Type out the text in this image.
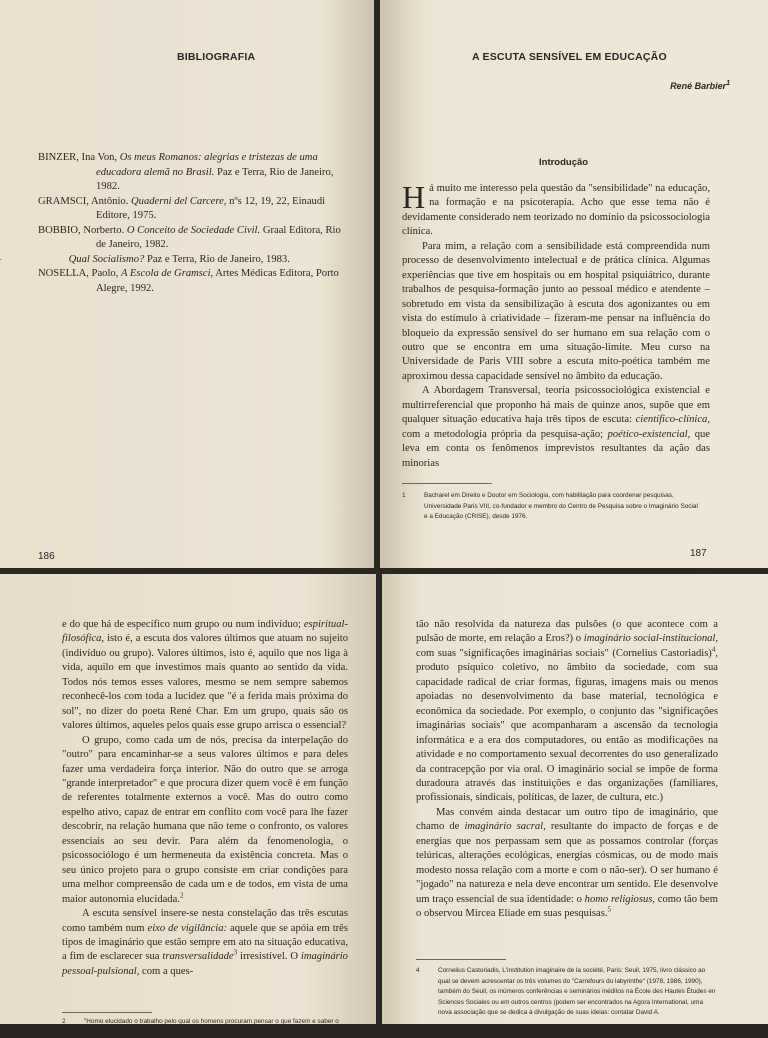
BIBLIOGRAFIA

BINZER, Ina Von, Os meus Romanos: alegrias e tristezas de uma educadora alemã no Brasil. Paz e Terra, Rio de Janeiro, 1982.

GRAMSCI, Antônio. Quaderni del Carcere, nºs 12, 19, 22, Einaudi Editore, 1975.

BOBBIO, Norberto. O Conceito de Sociedade Civil. Graal Editora, Rio de Janeiro, 1982.

Qual Socialismo? Paz e Terra, Rio de Janeiro, 1983.

NOSELLA, Paolo, A Escola de Gramsci, Artes Médicas Editora, Porto Alegre, 1992.

186
A ESCUTA SENSÍVEL EM EDUCAÇÃO
René Barbier$^1$
Introdução

Há muito me interesso pela questão da "sensibilidade" na educação, na formação e na psicoterapia. Acho que esse tema não é devidamente considerado nem teorizado no domínio da psicossociologia clínica.

Para mim, a relação com a sensibilidade está compreendida num processo de desenvolvimento intelectual e de prática clínica. Algumas experiências que tive em hospitais ou em hospital psiquiátrico, durante trabalhos de pesquisa-formação junto ao pessoal médico e atendente – sobretudo em vista da sensibilização à escuta dos agonizantes ou em vista do estímulo à criatividade – fizeram-me pensar na influência do bloqueio da expressão sensível do ser humano em sua relação com o outro que se encontra em uma situação-limite. Meu curso na Universidade de Paris VIII sobre a escuta mito-poética também me aproximou dessa capacidade sensível no âmbito da educação.

A Abordagem Transversal, teoria psicossociológica existencial e multirreferencial que proponho há mais de quinze anos, supõe que em qualquer situação educativa haja três tipos de escuta: científico-clínica, com a metodologia própria da pesquisa-ação; poético-existencial, que leva em conta os fenômenos imprevistos resultantes da ação das minorias

1	Bacharel em Direito e Doutor em Sociologia, com habilitação para coordenar pesquisas, Universidade Paris VIII, co-fundador e membro do Centro de Pesquisa sobre o Imaginário Social e a Educação (CRISE), desde 1976.
187

e do que há de específico num grupo ou num indivíduo; espiritual-filosófica, isto é, a escuta dos valores últimos que atuam no sujeito (indivíduo ou grupo). Valores últimos, isto é, aquilo que nos liga à vida, aquilo em que investimos mais quanto ao sentido da vida. Todos nós temos esses valores, mesmo se nem sempre sabemos reconhecê-los com toda a lucidez que "é a ferida mais próxima do sol", no dizer do poeta René Char. Em um grupo, quais são os valores últimos, aqueles pelos quais esse grupo arrisca o essencial?

O grupo, como cada um de nós, precisa da interpelação do "outro" para encaminhar-se a seus valores últimos e para deles fazer uma verdadeira força interior. Não do outro que se arroga "grande interpretador" e que procura dizer quem você é em função de referentes totalmente externos a você. Mas do outro como espelho ativo, capaz de entrar em conflito com você para lhe fazer descobrir, na relação humana que não teme o confronto, os valores essenciais ao seu devir. Para além da fenomenologia, o psicossociólogo é um hermeneuta da existência concreta. Mas o seu único projeto para o grupo consiste em criar condições para uma melhor compreensão de cada um e de todos, em vista de uma maior autonomia elucidada.$^2$

A escuta sensível insere-se nesta constelação das três escutas como também num eixo de vigilância: aquele que se apóia em três tipos de imaginário que estão sempre em ato na situação educativa, a fim de esclarecer sua transversalidade$^3$ irresistível. O imaginário pessoal-pulsional, com a ques-

2	"Homo elucidado o trabalho pelo qual os homens procuram pensar o que fazem e saber o que pensam"

tão não resolvida da natureza das pulsões (o que acontece com a pulsão de morte, em relação a Eros?) o imaginário social-institucional, com suas "significações imaginárias sociais" (Cornelius Castoriadis)$^4$, produto psíquico coletivo, no âmbito da sociedade, com sua capacidade radical de criar formas, figuras, imagens mais ou menos apoiadas no desenvolvimento da base material, tecnológica e econômica da sociedade. Por exemplo, o conjunto das "significações imaginárias sociais" que acompanharam a ascensão da tecnologia informática e a era dos computadores, ou então as modificações na atividade e no comportamento sexual decorrentes do uso generalizado da contracepção por via oral. O imaginário social se impõe de forma duradoura através das instituições e das organizações (familiares, profissionais, sindicais, políticas, de lazer, de cultura, etc.)

Mas convém ainda destacar um outro tipo de imaginário, que chamo de imaginário sacral, resultante do impacto de forças e de energias que nos perpassam sem que as possamos controlar (forças telúricas, alterações ecológicas, energias cósmicas, ou de modo mais modesto nossa relação com a morte e com o não-ser). O ser humano é "jogado" na natureza e nela deve encontrar um sentido. Ele desenvolve um traço essencial de sua identidade: o homo religiosus, como tão bem o observou Mircea Eliade em suas pesquisas.$^5$

4	Cornelius Castoriadis, L'institution imaginaire de la société, Paris: Seuil, 1975, livro clássico ao qual se devem acrescentar os três volumes do "Carrefours du labyrinthe" (1978, 1986, 1990), também do Seuil, os inúmeros conferências e seminários inéditos na École des Hautes Études en Sciences Sociales ou em outros centros (podem ser encontrados na Agora International, uma nova associação que se dedica à divulgação de suas ideias: contatar David A.
